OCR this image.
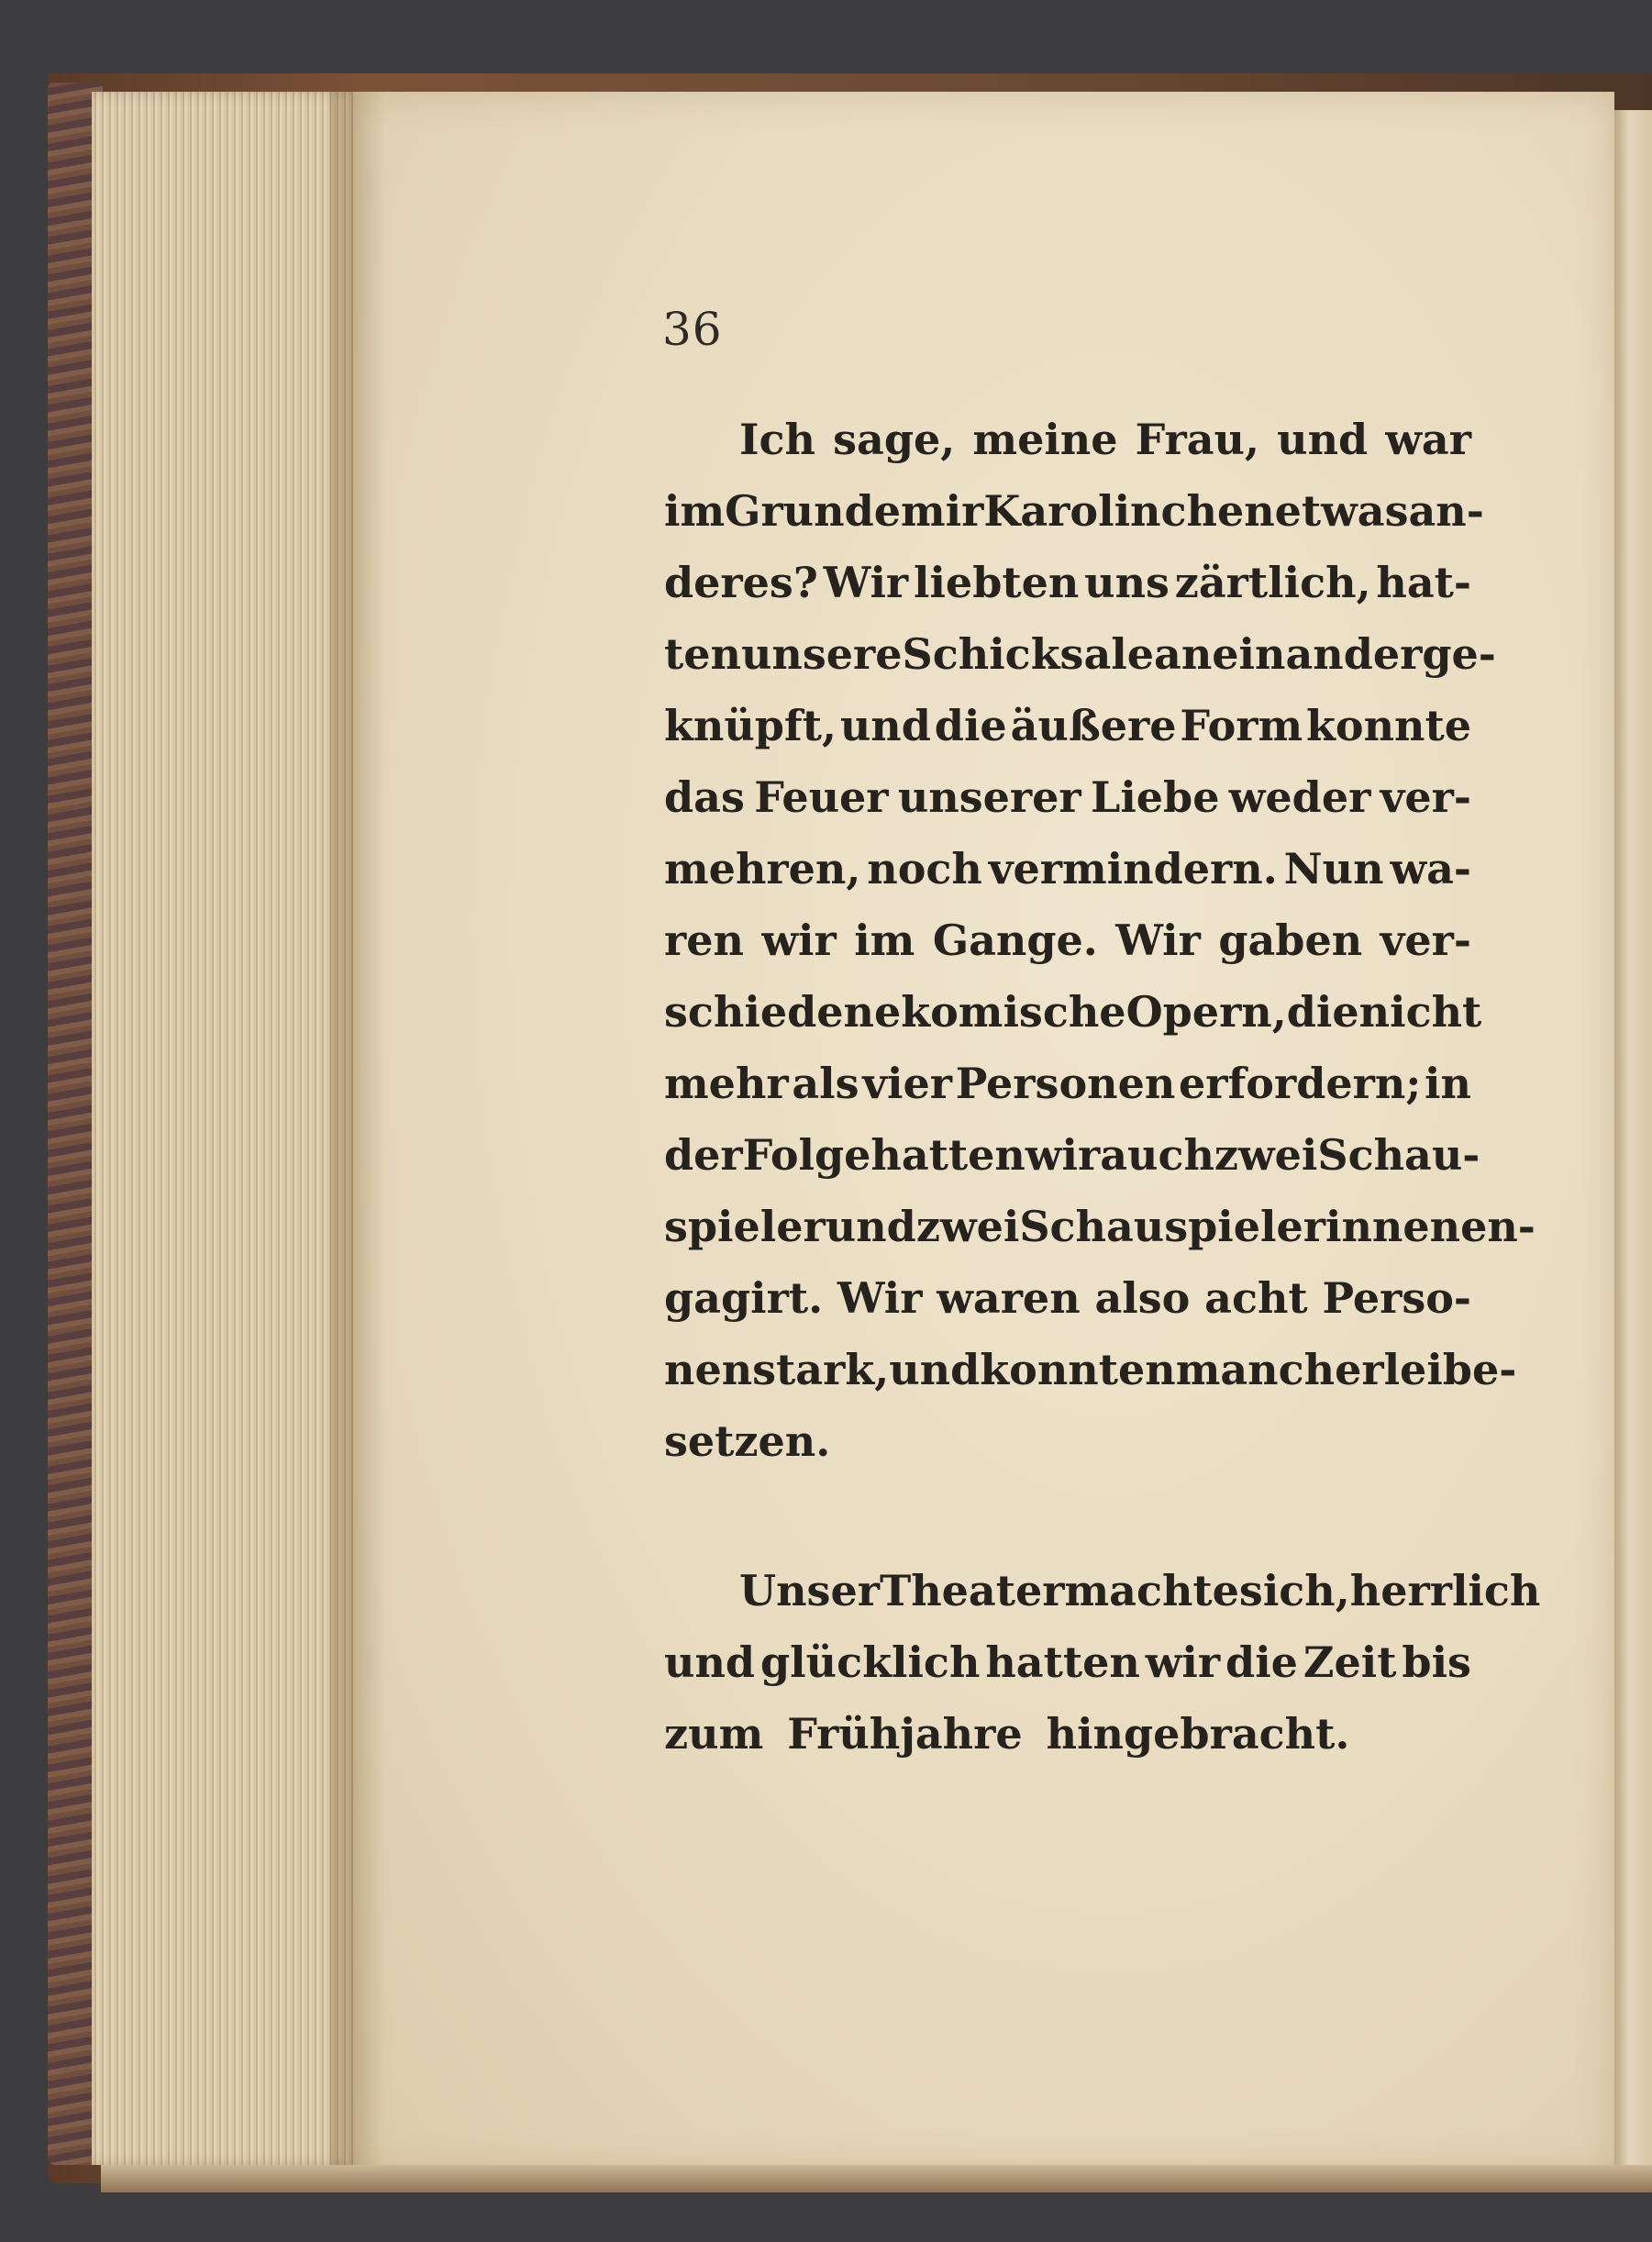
36
Ich sage, meine Frau, und war
im Grunde mir Karolinchen etwas an-
deres? Wir liebten uns zärtlich, hat-
ten unsere Schicksale an einander ge-
knüpft, und die äußere Form konnte
das Feuer unserer Liebe weder ver-
mehren, noch vermindern. Nun wa-
ren wir im Gange. Wir gaben ver-
schiedene komische Opern, die nicht
mehr als vier Personen erfordern; in
der Folge hatten wir auch zwei Schau-
spieler und zwei Schauspielerinnen en-
gagirt. Wir waren also acht Perso-
nen stark, und konnten mancherlei be-
setzen.
Unser Theater machte sich, herrlich
und glücklich hatten wir die Zeit bis
zum Frühjahre hingebracht.
